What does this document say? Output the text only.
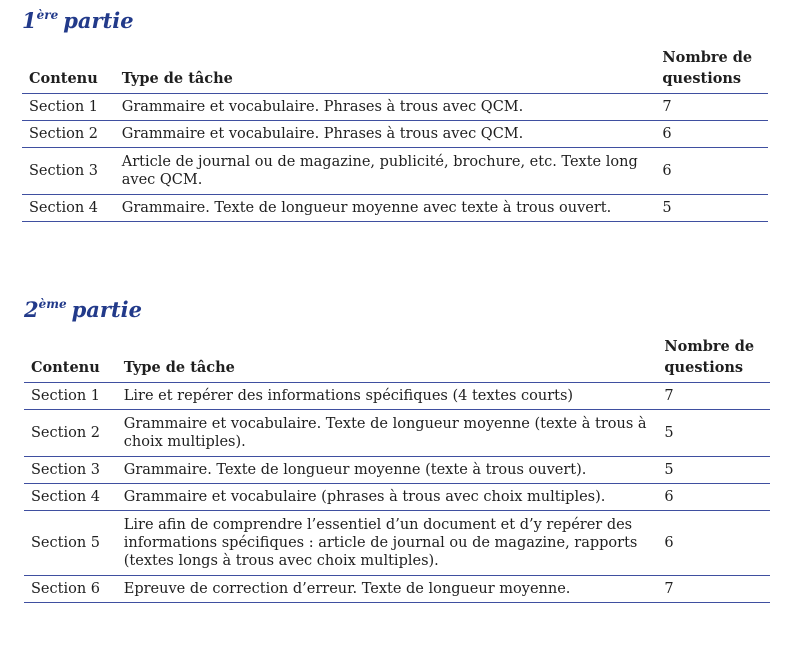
1ère partie
Contenu	Type de tâche	Nombre de questions
Section 1	Grammaire et vocabulaire. Phrases à trous avec QCM.	7
Section 2	Grammaire et vocabulaire. Phrases à trous avec QCM.	6
Section 3	Article de journal ou de magazine, publicité, brochure, etc. Texte long avec QCM.	6
Section 4	Grammaire. Texte de longueur moyenne avec texte à trous ouvert.	5
2ème partie
Contenu	Type de tâche	Nombre de questions
Section 1	Lire et repérer des informations spécifiques (4 textes courts)	7
Section 2	Grammaire et vocabulaire. Texte de longueur moyenne (texte à trous à choix multiples).	5
Section 3	Grammaire. Texte de longueur moyenne (texte à trous ouvert).	5
Section 4	Grammaire et vocabulaire (phrases à trous avec choix multiples).	6
Section 5	Lire afin de comprendre l’essentiel d’un document et d’y repérer des informations spécifiques : article de journal ou de magazine, rapports (textes longs à trous avec choix multiples).	6
Section 6	Epreuve de correction d’erreur. Texte de longueur moyenne.	7
